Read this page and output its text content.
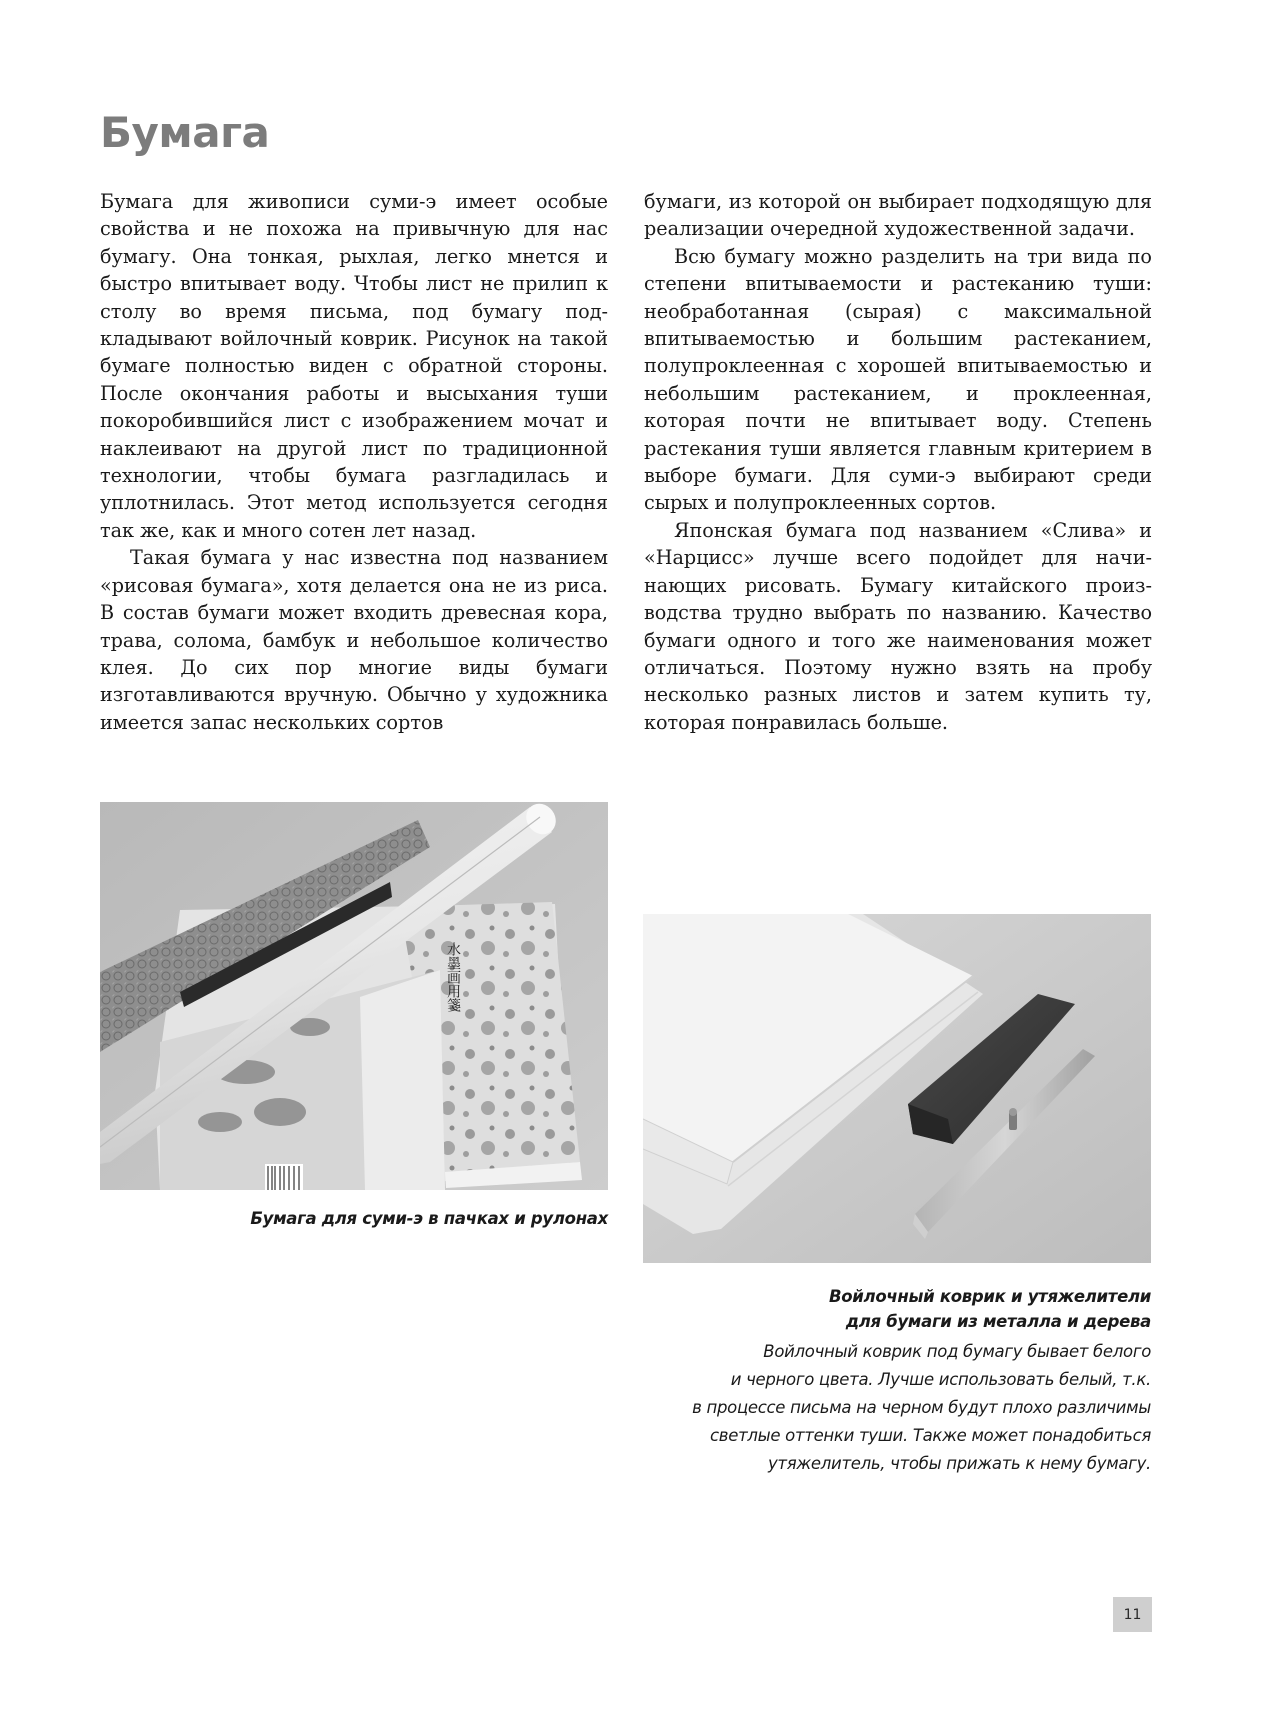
Бумага

Бумага для живописи суми-э имеет особые свойства и не похожа на привычную для нас бумагу. Она тонкая, рыхлая, легко мнется и быстро впитывает воду. Чтобы лист не прилип к столу во время письма, под бумагу подкладывают войлочный коврик. Рисунок на такой бумаге полностью виден с обратной стороны. После окончания работы и высыхания туши покоробившийся лист с изображением мочат и наклеивают на другой лист по традиционной технологии, чтобы бумага разгладилась и уплотнилась. Этот метод используется сегодня так же, как и много сотен лет назад.

Такая бумага у нас известна под названием «рисовая бумага», хотя делается она не из риса. В состав бумаги может входить древесная кора, трава, солома, бамбук и небольшое количество клея. До сих пор многие виды бумаги изготавливаются вручную. Обычно у художника имеется запас нескольких сортов

бумаги, из которой он выбирает подходящую для реализации очередной художественной задачи.

Всю бумагу можно разделить на три вида по степени впитываемости и растеканию туши: необработанная (сырая) с максимальной впитываемостью и большим растеканием, полупроклеенная с хорошей впитываемостью и небольшим растеканием, и проклеенная, которая почти не впитывает воду. Степень растекания туши является главным критерием в выборе бумаги. Для суми-э выбирают среди сырых и полупроклеенных сортов.

Японская бумага под названием «Слива» и «Нарцисс» лучше всего подойдет для начинающих рисовать. Бумагу китайского производства трудно выбрать по названию. Качество бумаги одного и того же наименования может отличаться. Поэтому нужно взять на пробу несколько разных листов и затем купить ту, которая понравилась больше.

水墨画用箋
Бумага для суми-э в пачках и рулонах
Войлочный коврик и утяжелители
для бумаги из металла и дерева
Войлочный коврик под бумагу бывает белого
и черного цвета. Лучше использовать белый, т.к.
в процессе письма на черном будут плохо различимы
светлые оттенки туши. Также может понадобиться
утяжелитель, чтобы прижать к нему бумагу.
11
